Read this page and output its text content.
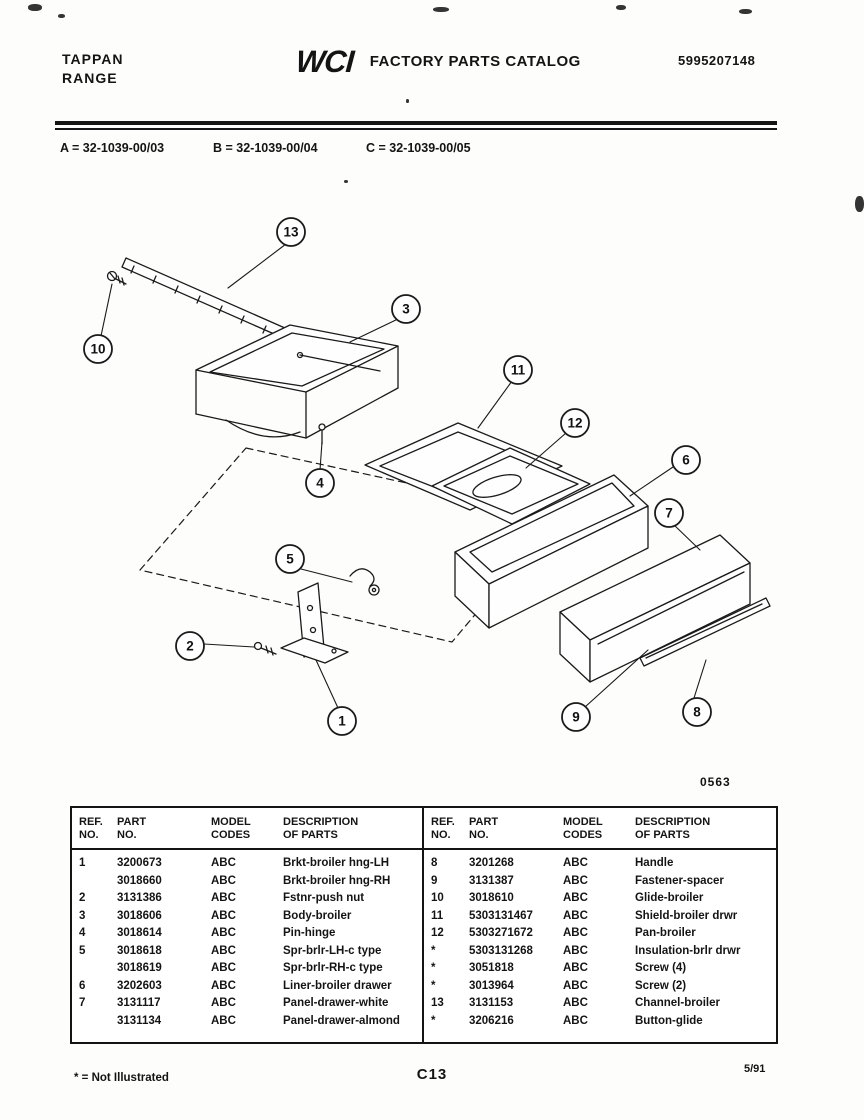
TAPPAN
RANGE	WCI FACTORY PARTS CATALOG	5995207148
A = 32-1039-00/03	B = 32-1039-00/04	C = 32-1039-00/05
13
3
10
11
12
6
7
4
5
2
1	9	8
0563
REF.
NO.	PART
NO.	MODEL
CODES	DESCRIPTION
OF PARTS

1	3200673	ABC	Brkt-broiler hng-LH
	3018660	ABC	Brkt-broiler hng-RH
2	3131386	ABC	Fstnr-push nut
3	3018606	ABC	Body-broiler
4	3018614	ABC	Pin-hinge
5	3018618	ABC	Spr-brlr-LH-c type
	3018619	ABC	Spr-brlr-RH-c type
6	3202603	ABC	Liner-broiler drawer
7	3131117	ABC	Panel-drawer-white
	3131134	ABC	Panel-drawer-almond
REF.
NO.	PART
NO.	MODEL
CODES	DESCRIPTION
OF PARTS

8	3201268	ABC	Handle
9	3131387	ABC	Fastener-spacer
10	3018610	ABC	Glide-broiler
11	5303131467	ABC	Shield-broiler drwr
12	5303271672	ABC	Pan-broiler
*	5303131268	ABC	Insulation-brlr drwr
*	3051818	ABC	Screw (4)
*	3013964	ABC	Screw (2)
13	3131153	ABC	Channel-broiler
*	3206216	ABC	Button-glide
* = Not Illustrated	C13	5/91
